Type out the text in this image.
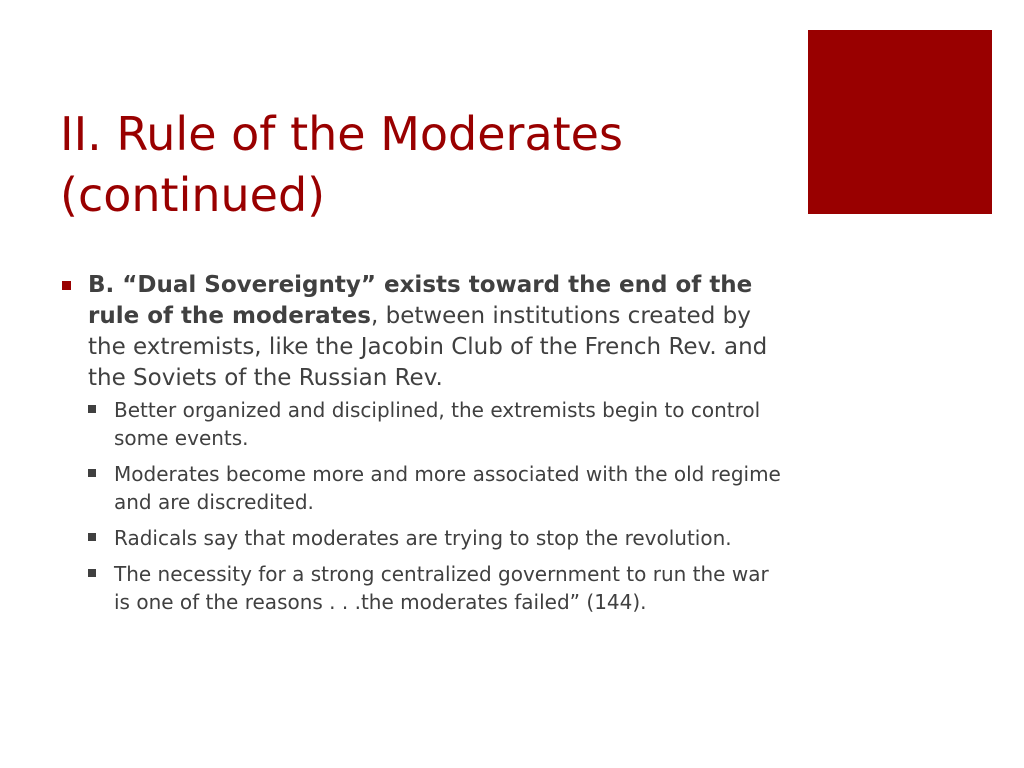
II. Rule of the Moderates
(continued)
B. “Dual Sovereignty” exists toward the end of the rule of the moderates, between institutions created by the extremists, like the Jacobin Club of the French Rev. and the Soviets of the Russian Rev.
Better organized and disciplined, the extremists begin to control some events.
Moderates become more and more associated with the old regime and are discredited.
Radicals say that moderates are trying to stop the revolution.
The necessity for a strong centralized government to run the war is one of the reasons . . .the moderates failed” (144).
